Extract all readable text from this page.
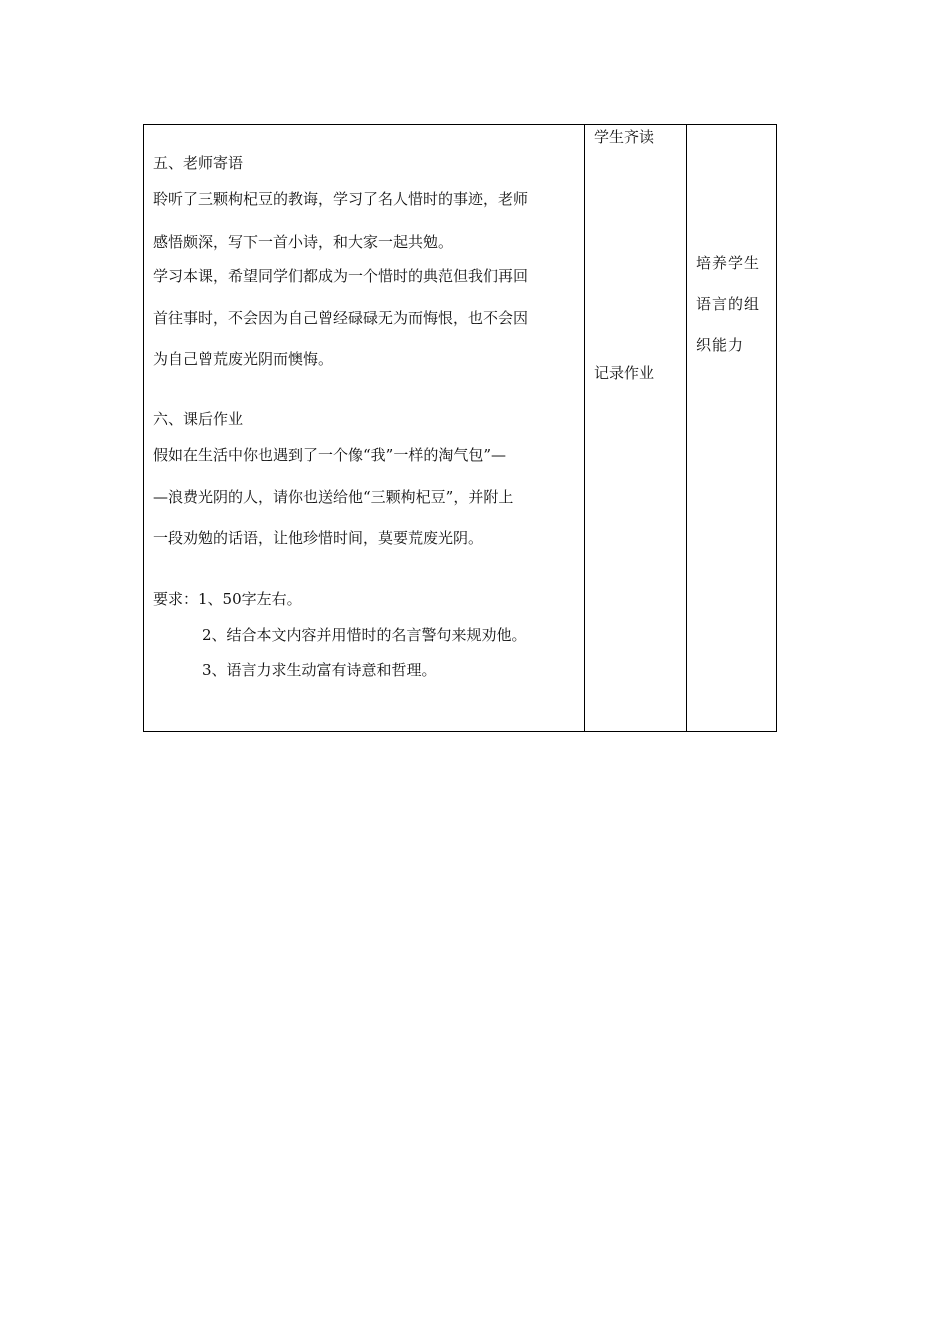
五、老师寄语
聆听了三颗枸杞豆的教诲，学习了名人惜时的事迹，老师
感悟颇深，写下一首小诗，和大家一起共勉。
学习本课，希望同学们都成为一个惜时的典范但我们再回
首往事时，不会因为自己曾经碌碌无为而悔恨，也不会因
为自己曾荒废光阴而懊悔。
六、课后作业
假如在生活中你也遇到了一个像“我”一样的淘气包”—
—浪费光阴的人，请你也送给他“三颗枸杞豆”，并附上
一段劝勉的话语，让他珍惜时间，莫要荒废光阴。
要求：1、50字左右。
2、结合本文内容并用惜时的名言警句来规劝他。
3、语言力求生动富有诗意和哲理。
学生齐读
记录作业
培养学生
语言的组
织能力
